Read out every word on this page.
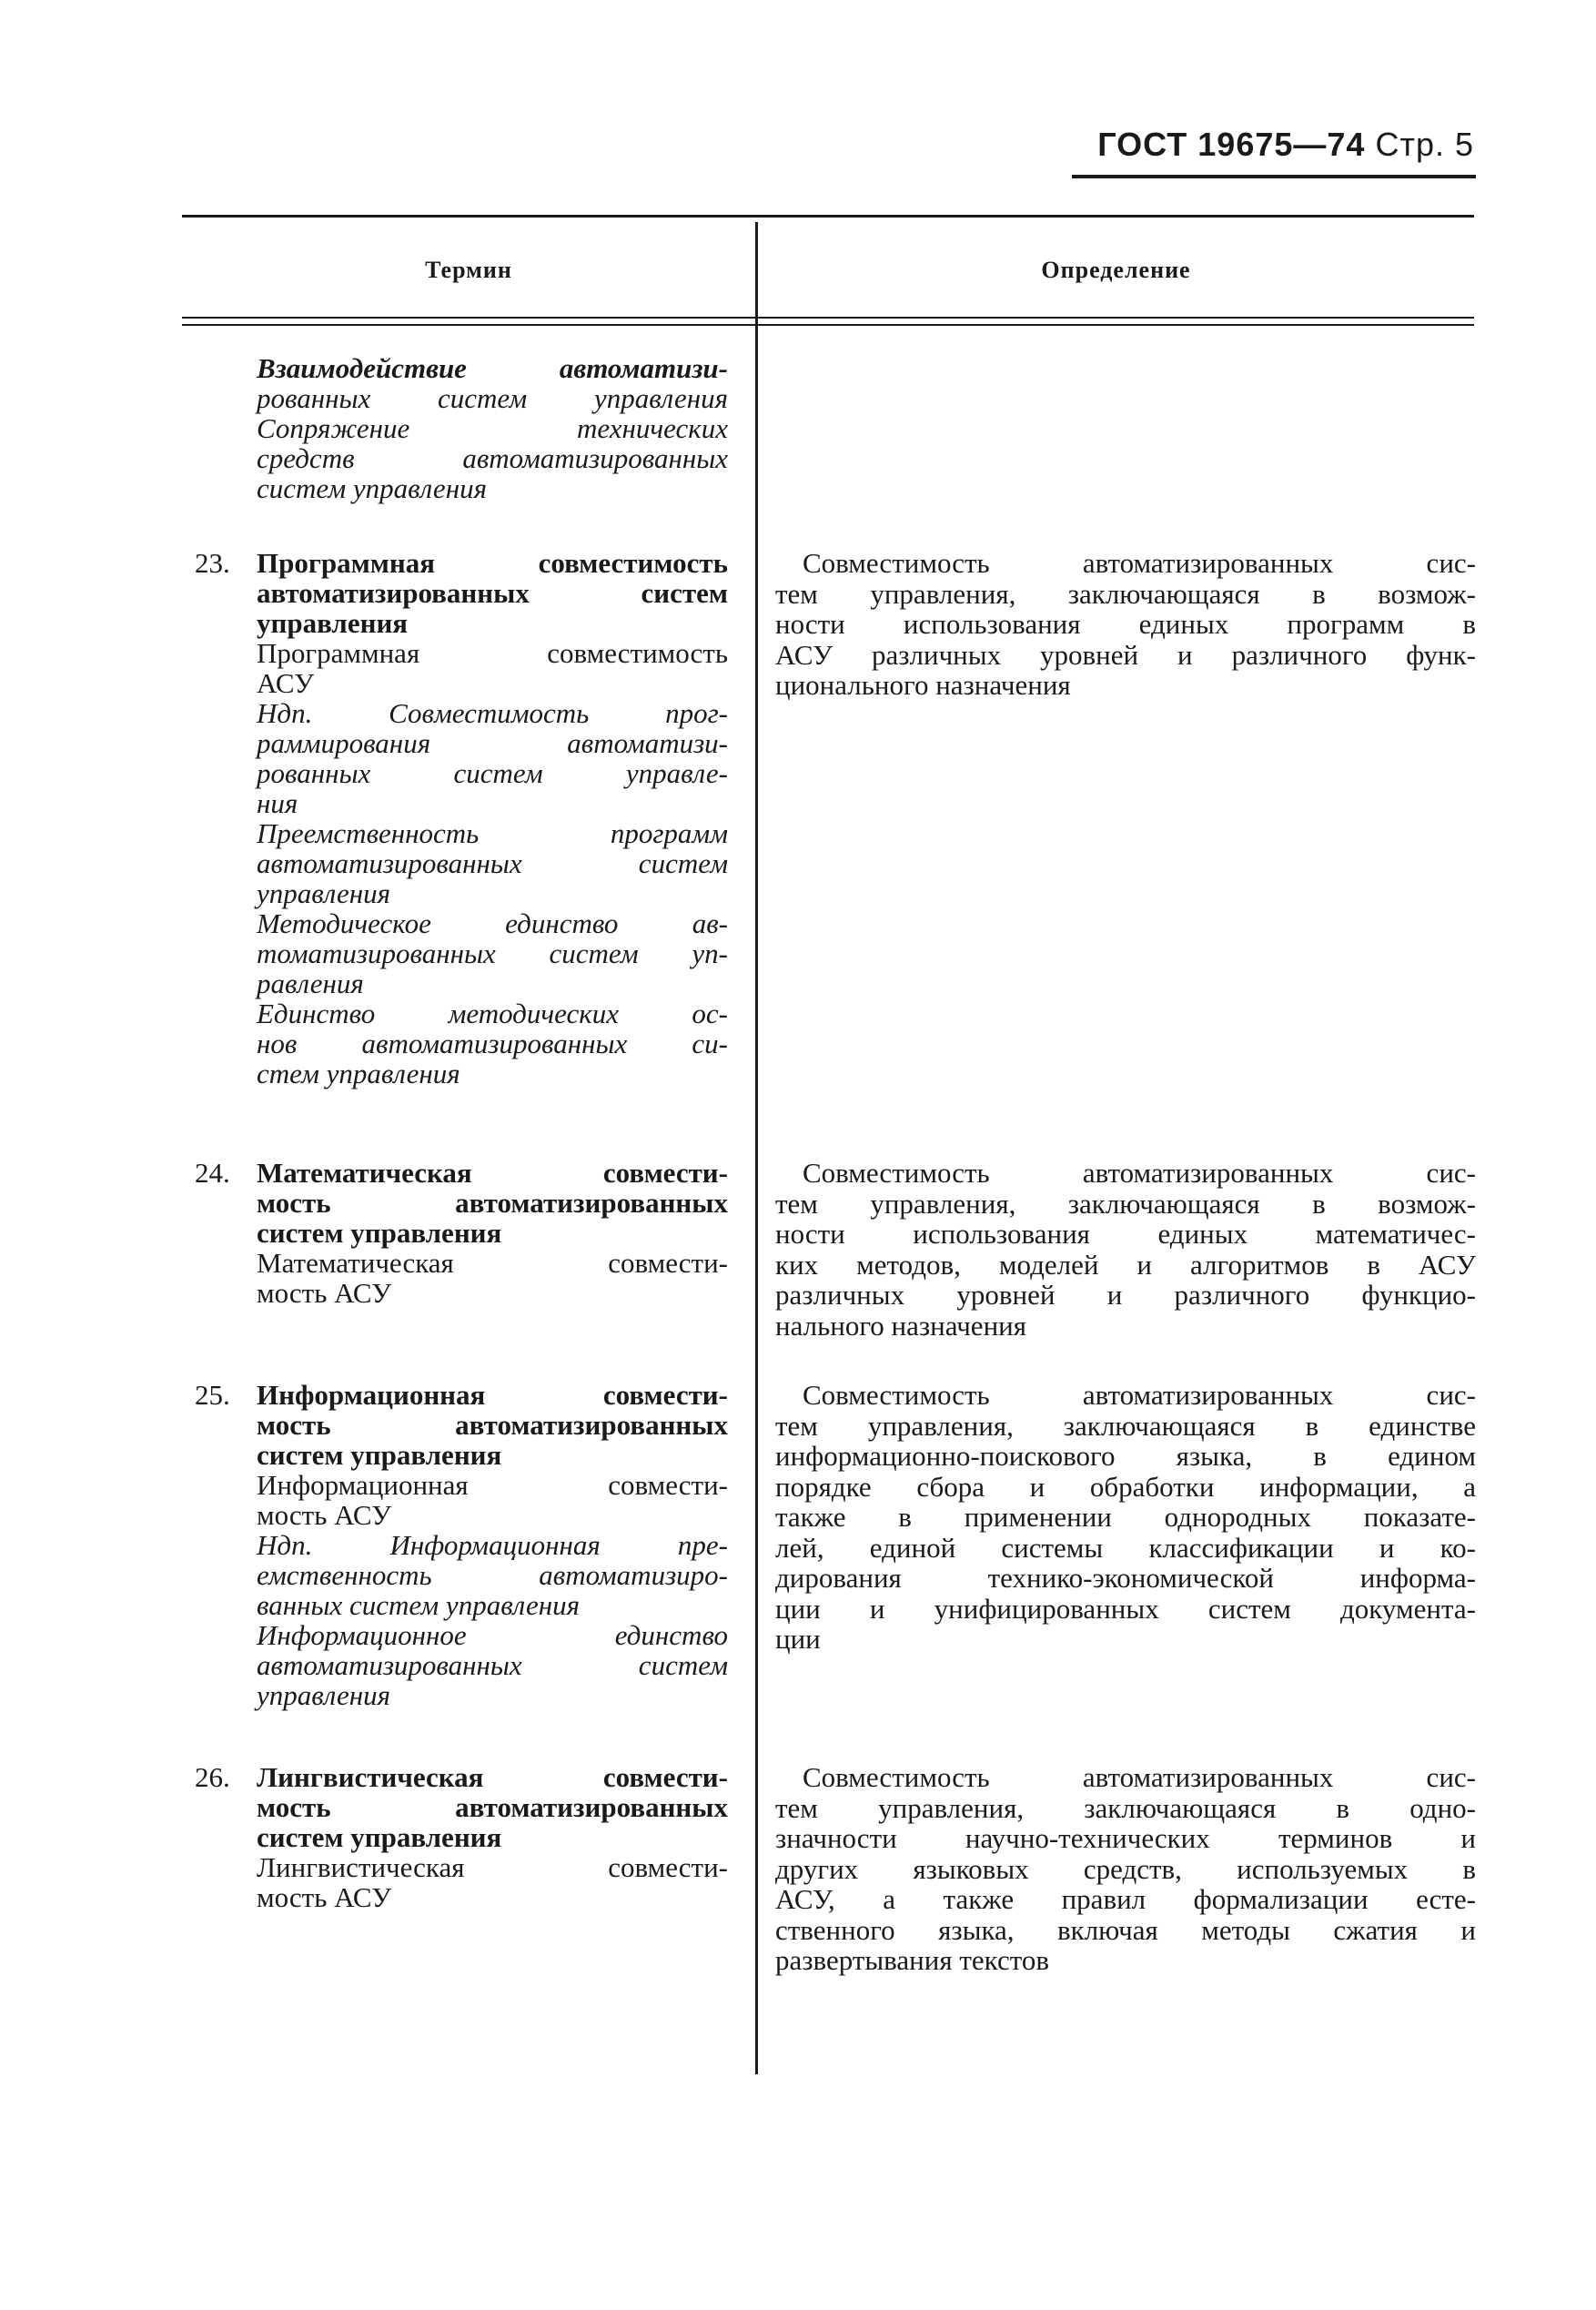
ГОСТ 19675—74 Стр. 5
Термин	Определение
Взаимодействие автоматизи-
рованных систем управления
Сопряжение технических
средств автоматизированных
систем управления
23. Программная совместимость
автоматизированных систем
управления
Программная совместимость
АСУ
Ндп. Совместимость прог-
раммирования автоматизи-
рованных систем управле-
ния
Преемственность программ
автоматизированных систем
управления
Методическое единство ав-
томатизированных систем уп-
равления
Единство методических ос-
нов автоматизированных си-
стем управления
Совместимость автоматизированных сис-
тем управления, заключающаяся в возмож-
ности использования единых программ в
АСУ различных уровней и различного функ-
ционального назначения
24. Математическая совмести-
мость автоматизированных
систем управления
Математическая совмести-
мость АСУ
Совместимость автоматизированных сис-
тем управления, заключающаяся в возмож-
ности использования единых математичес-
ких методов, моделей и алгоритмов в АСУ
различных уровней и различного функцио-
нального назначения
25. Информационная совмести-
мость автоматизированных
систем управления
Информационная совмести-
мость АСУ
Ндп. Информационная пре-
емственность автоматизиро-
ванных систем управления
Информационное единство
автоматизированных систем
управления
Совместимость автоматизированных сис-
тем управления, заключающаяся в единстве
информационно-поискового языка, в едином
порядке сбора и обработки информации, а
также в применении однородных показате-
лей, единой системы классификации и ко-
дирования технико-экономической информа-
ции и унифицированных систем документа-
ции
26. Лингвистическая совмести-
мость автоматизированных
систем управления
Лингвистическая совмести-
мость АСУ
Совместимость автоматизированных сис-
тем управления, заключающаяся в одно-
значности научно-технических терминов и
других языковых средств, используемых в
АСУ, а также правил формализации есте-
ственного языка, включая методы сжатия и
развертывания текстов
